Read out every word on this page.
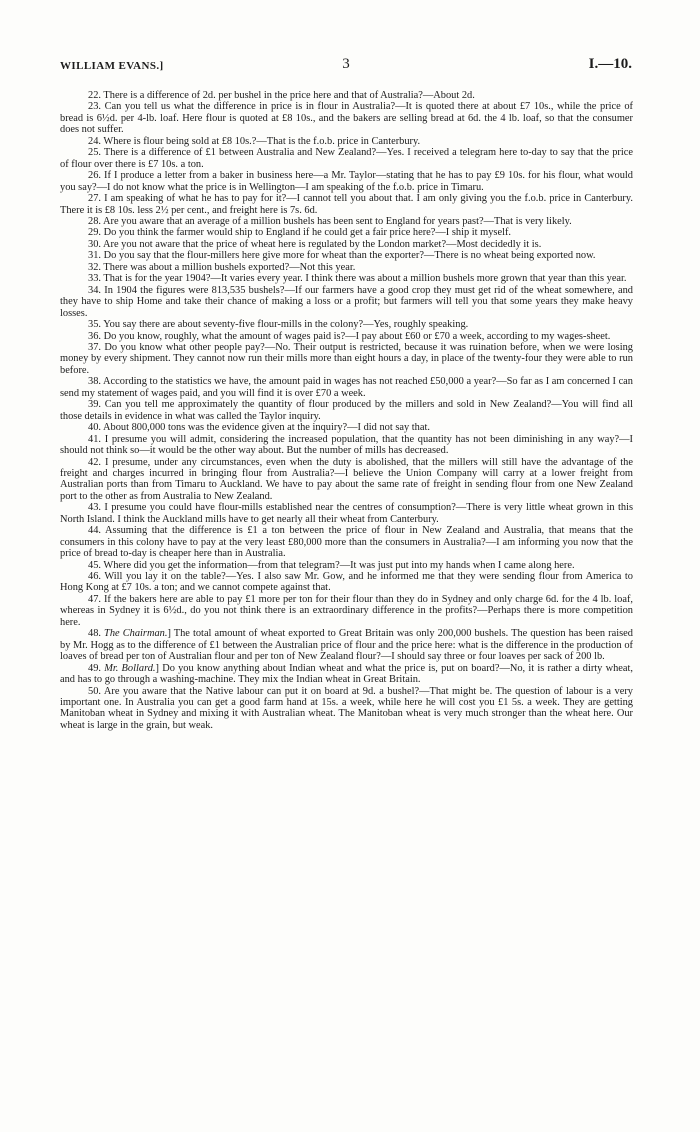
WILLIAM EVANS.]	3	I.—10.

22. There is a difference of 2d. per bushel in the price here and that of Australia?—About 2d.

23. Can you tell us what the difference in price is in flour in Australia?—It is quoted there at about £7 10s., while the price of bread is 6½d. per 4-lb. loaf. Here flour is quoted at £8 10s., and the bakers are selling bread at 6d. the 4 lb. loaf, so that the consumer does not suffer.

24. Where is flour being sold at £8 10s.?—That is the f.o.b. price in Canterbury.

25. There is a difference of £1 between Australia and New Zealand?—Yes. I received a telegram here to-day to say that the price of flour over there is £7 10s. a ton.

26. If I produce a letter from a baker in business here—a Mr. Taylor—stating that he has to pay £9 10s. for his flour, what would you say?—I do not know what the price is in Wellington—I am speaking of the f.o.b. price in Timaru.

27. I am speaking of what he has to pay for it?—I cannot tell you about that. I am only giving you the f.o.b. price in Canterbury. There it is £8 10s. less 2½ per cent., and freight here is 7s. 6d.

28. Are you aware that an average of a million bushels has been sent to England for years past?—That is very likely.

29. Do you think the farmer would ship to England if he could get a fair price here?—I ship it myself.

30. Are you not aware that the price of wheat here is regulated by the London market?—Most decidedly it is.

31. Do you say that the flour-millers here give more for wheat than the exporter?—There is no wheat being exported now.

32. There was about a million bushels exported?—Not this year.

33. That is for the year 1904?—It varies every year. I think there was about a million bushels more grown that year than this year.

34. In 1904 the figures were 813,535 bushels?—If our farmers have a good crop they must get rid of the wheat somewhere, and they have to ship Home and take their chance of making a loss or a profit; but farmers will tell you that some years they make heavy losses.

35. You say there are about seventy-five flour-mills in the colony?—Yes, roughly speaking.

36. Do you know, roughly, what the amount of wages paid is?—I pay about £60 or £70 a week, according to my wages-sheet.

37. Do you know what other people pay?—No. Their output is restricted, because it was ruination before, when we were losing money by every shipment. They cannot now run their mills more than eight hours a day, in place of the twenty-four they were able to run before.

38. According to the statistics we have, the amount paid in wages has not reached £50,000 a year?—So far as I am concerned I can send my statement of wages paid, and you will find it is over £70 a week.

39. Can you tell me approximately the quantity of flour produced by the millers and sold in New Zealand?—You will find all those details in evidence in what was called the Taylor inquiry.

40. About 800,000 tons was the evidence given at the inquiry?—I did not say that.

41. I presume you will admit, considering the increased population, that the quantity has not been diminishing in any way?—I should not think so—it would be the other way about. But the number of mills has decreased.

42. I presume, under any circumstances, even when the duty is abolished, that the millers will still have the advantage of the freight and charges incurred in bringing flour from Australia?—I believe the Union Company will carry at a lower freight from Australian ports than from Timaru to Auckland. We have to pay about the same rate of freight in sending flour from one New Zealand port to the other as from Australia to New Zealand.

43. I presume you could have flour-mills established near the centres of consumption?—There is very little wheat grown in this North Island. I think the Auckland mills have to get nearly all their wheat from Canterbury.

44. Assuming that the difference is £1 a ton between the price of flour in New Zealand and Australia, that means that the consumers in this colony have to pay at the very least £80,000 more than the consumers in Australia?—I am informing you now that the price of bread to-day is cheaper here than in Australia.

45. Where did you get the information—from that telegram?—It was just put into my hands when I came along here.

46. Will you lay it on the table?—Yes. I also saw Mr. Gow, and he informed me that they were sending flour from America to Hong Kong at £7 10s. a ton; and we cannot compete against that.

47. If the bakers here are able to pay £1 more per ton for their flour than they do in Sydney and only charge 6d. for the 4 lb. loaf, whereas in Sydney it is 6½d., do you not think there is an extraordinary difference in the profits?—Perhaps there is more competition here.

48. The Chairman.] The total amount of wheat exported to Great Britain was only 200,000 bushels. The question has been raised by Mr. Hogg as to the difference of £1 between the Australian price of flour and the price here: what is the difference in the production of loaves of bread per ton of Australian flour and per ton of New Zealand flour?—I should say three or four loaves per sack of 200 lb.

49. Mr. Bollard.] Do you know anything about Indian wheat and what the price is, put on board?—No, it is rather a dirty wheat, and has to go through a washing-machine. They mix the Indian wheat in Great Britain.

50. Are you aware that the Native labour can put it on board at 9d. a bushel?—That might be. The question of labour is a very important one. In Australia you can get a good farm hand at 15s. a week, while here he will cost you £1 5s. a week. They are getting Manitoban wheat in Sydney and mixing it with Australian wheat. The Manitoban wheat is very much stronger than the wheat here. Our wheat is large in the grain, but weak.
